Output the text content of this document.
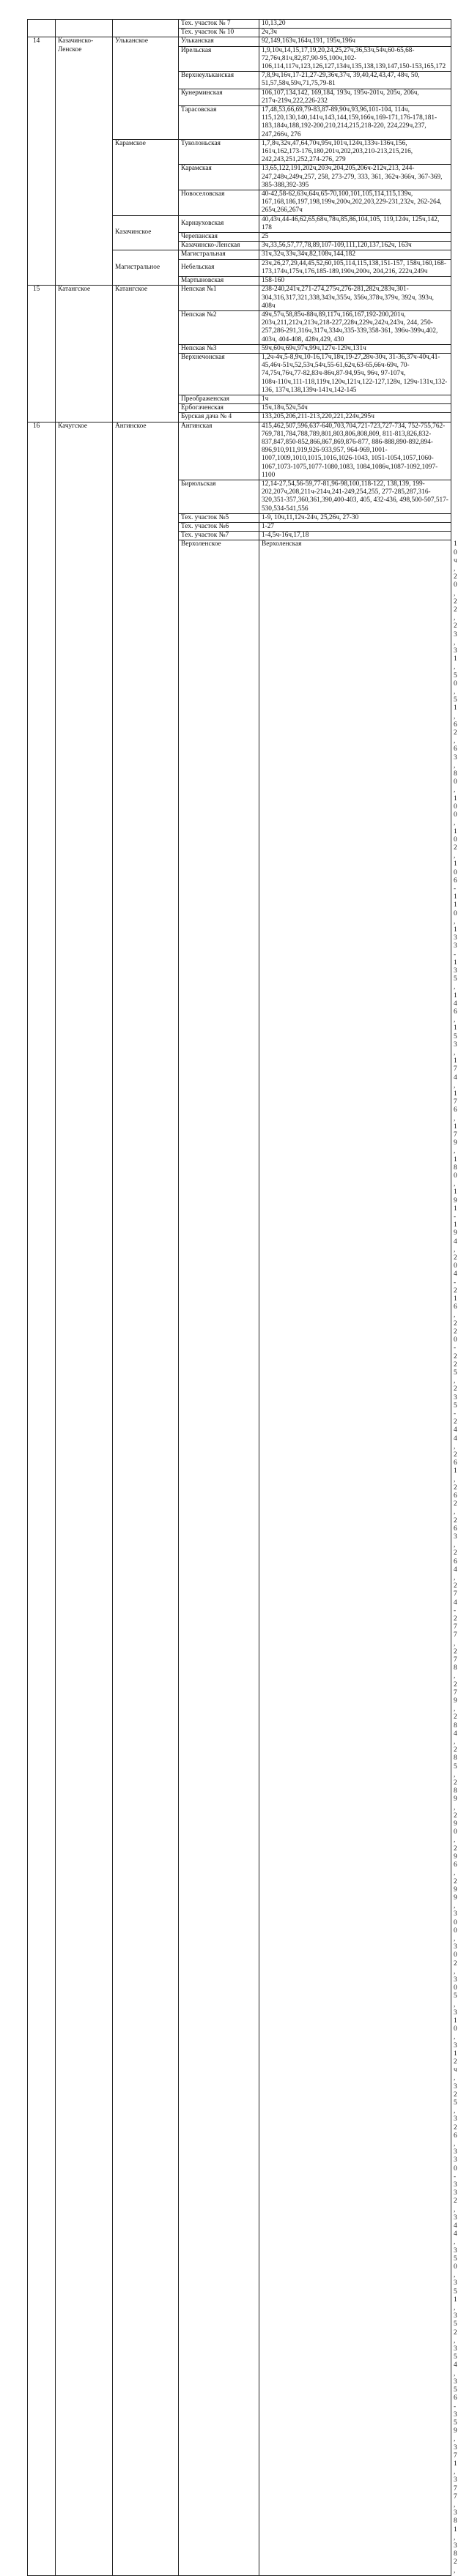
			Тех. участок № 7	10,13,20	
			Тех. участок № 10	2ч,3ч	
14	Казачинско-Ленское	Ульканское	Ульканская	92,149,163ч,164ч,191, 195ч,196ч	
			Ирельская	1,9,10ч,14,15,17,19,20,24,25,27ч,36,53ч,54ч,60-65,68-72,76ч,81ч,82,87,90-95,100ч,102-106,114,117ч,123,126,127,134ч,135,138,139,147,150-153,165,172	
			Верхнеульканская	7,8,9ч,16ч,17-21,27-29,36ч,37ч, 39,40,42,43,47, 48ч, 50, 51,57,58ч,59ч,71,75,79-81	
			Кунерминская	106,107,134,142, 169,184, 193ч, 195ч-201ч, 205ч, 206ч, 217ч-219ч,222,226-232	
			Тарасовская	17,48,53,66,69,79-83,87-89,90ч,93,96,101-104, 114ч, 115,120,130,140,141ч,143,144,159,166ч,169-171,176-178,181-183,184ч,188,192-200,210,214,215,218-220, 224,229ч,237, 247,266ч, 276	
		Карамское	Туколоньская	1,7,8ч,32ч,47,64,70ч,95ч,101ч,124ч,133ч-136ч,156, 161ч,162,173-176,180,201ч,202,203,210-213,215,216, 242,243,251,252,274-276, 279	
			Карамская	13,65,122,191,202ч,203ч,204,205,206ч-212ч,213, 244-247,248ч,249ч,257, 258, 273-279, 333, 361, 362ч-366ч, 367-369, 385-388,392-395	
			Новоселовская	40-42,58-62,63ч,64ч,65-70,100,101,105,114,115,139ч, 167,168,186,197,198,199ч,200ч,202,203,229-231,232ч, 262-264, 265ч,266,267ч	
		Казачинское	Карнауховская	40,43ч,44-46,62,65,68ч,78ч,85,86,104,105, 119,124ч, 125ч,142, 178	
			Черепанская	25	
			Казачинско-Ленская	3ч,33,56,57,77,78,89,107-109,111,120,137,162ч, 163ч	
		Магистральное	Магистральная	31ч,32ч,33ч,34ч,82,108ч,144,182	
			Небельская	23ч,26,27,29,44,45,52,60,105,114,115,138,151-157, 158ч,160,168-173,174ч,175ч,176,185-189,190ч,200ч, 204,216, 222ч,249ч	
			Мартыновская	158-160	
15	Катангское	Катангское	Непская №1	238-240,241ч,271-274,275ч,276-281,282ч,283ч,301-304,316,317,321,338,343ч,355ч, 356ч,378ч,379ч, 392ч, 393ч, 408ч	
			Непская №2	49ч,57ч,58,85ч-88ч,89,117ч,166,167,192-200,201ч, 203ч,211,212ч,213ч,218-227,228ч,229ч,242ч,243ч, 244, 250-257,286-291,316ч,317ч,334ч,335-339,358-361, 396ч-399ч,402, 403ч, 404-408, 428ч,429, 430	
			Непская №3	59ч,60ч,69ч,97ч,99ч,127ч-129ч,131ч	
			Верхнечонская	1,2ч-4ч,5-8,9ч,10-16,17ч,18ч,19-27,28ч-30ч, 31-36,37ч-40ч,41-45,46ч-51ч,52,53ч,54ч,55-61,62ч,63-65,66ч-69ч, 70-74,75ч,76ч,77-82,83ч-86ч,87-94,95ч, 96ч, 97-107ч, 108ч-110ч,111-118,119ч,120ч,121ч,122-127,128ч, 129ч-131ч,132-136, 137ч,138,139ч-141ч,142-145	
			Преображенская	1ч	
			Ербогаченская	15ч,18ч,52ч,54ч	
			Бурская дача № 4	133,205,206,211-213,220,221,224ч,295ч	
16	Качугское	Ангинское	Ангинская	415,462,507,596,637-640,703,704,721-723,727-734, 752-755,762-769,781,784,788,789,801,803,806,808,809, 811-813,826,832-837,847,850-852,866,867,869,876-877, 886-888,890-892,894-896,910,911,919,926-933,957, 964-969,1001-1007,1009,1010,1015,1016,1026-1043, 1051-1054,1057,1060-1067,1073-1075,1077-1080,1083, 1084,1086ч,1087-1092,1097-1100	
			Бирюльская	12,14-27,54,56-59,77-81,96-98,100,118-122, 138,139, 199- 202,207ч,208,211ч-214ч,241-249,254,255, 277-285,287,316-320,351-357,360,361,390,400-403, 405, 432-436, 498,500-507,517-530,534-541,556	
			Тех. участок №5	1-9, 10ч,11,12ч-24ч, 25,26ч, 27-30	
			Тех. участок №6	1-27	
			Тех. участок №7	1-4,5ч-16ч,17,18	
			Верхоленское	Верхоленская	10ч,20,22,23,31,50,51,62,63,80,100,102,106-110,133-135,146,153,174,176,179,180,191-194,204-216, 220-225,235- 244,261,262,263,264,274-277,278,279, 284, 285,289, 290,296,299,300,302,305,310, 312ч, 325,326, 330-332,344,350,351,352,354,356-359,371,377,381,382,
